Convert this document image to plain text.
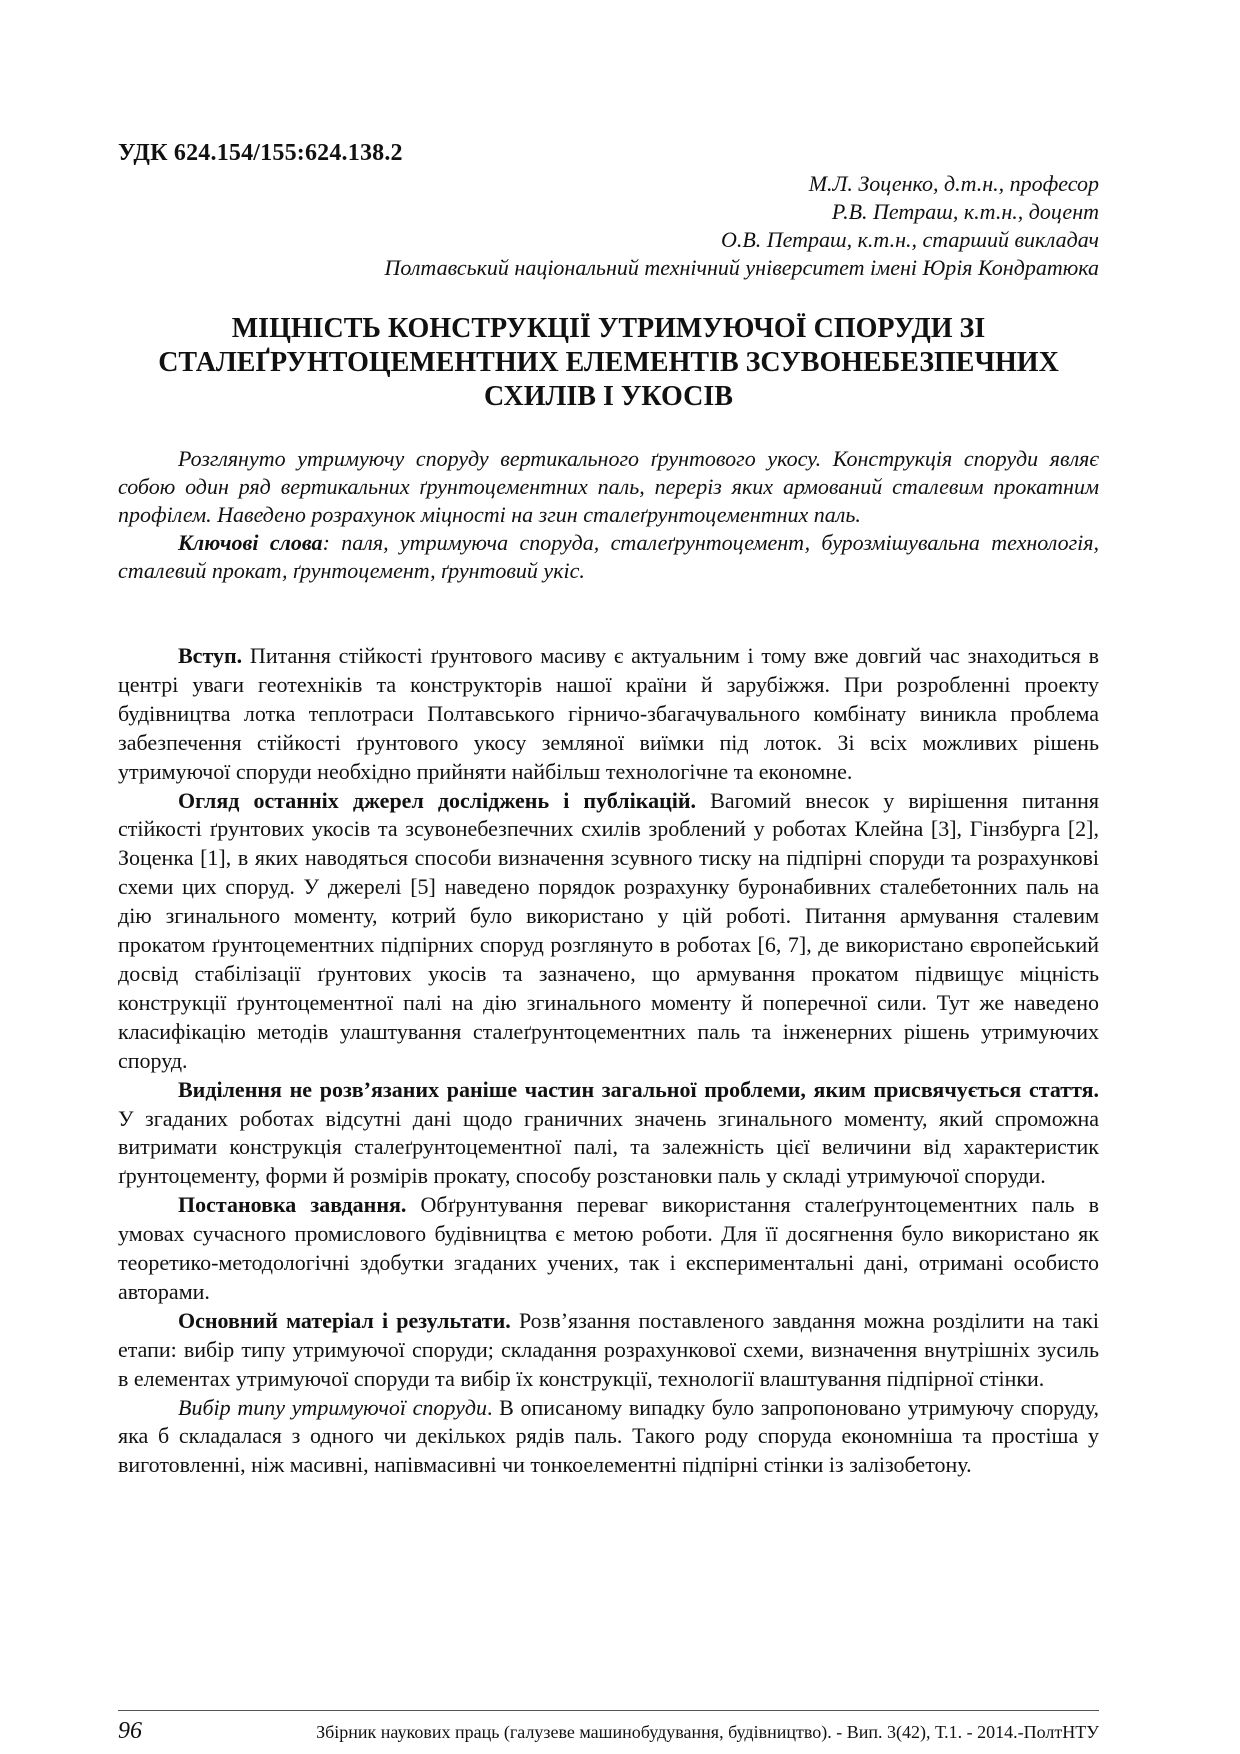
УДК 624.154/155:624.138.2
М.Л. Зоценко, д.т.н., професор
Р.В. Петраш, к.т.н., доцент
О.В. Петраш, к.т.н., старший викладач
Полтавський національний технічний університет імені Юрія Кондратюка
МІЦНІСТЬ КОНСТРУКЦІЇ УТРИМУЮЧОЇ СПОРУДИ ЗІ
СТАЛЕҐРУНТОЦЕМЕНТНИХ ЕЛЕМЕНТІВ ЗСУВОНЕБЕЗПЕЧНИХ
СХИЛІВ І УКОСІВ

Розглянуто утримуючу споруду вертикального ґрунтового укосу. Конструкція споруди являє собою один ряд вертикальних ґрунтоцементних паль, переріз яких армований сталевим прокатним профілем. Наведено розрахунок міцності на згин сталеґрунтоцементних паль.

Ключові слова: паля, утримуюча споруда, сталеґрунтоцемент, бурозмішувальна технологія, сталевий прокат, ґрунтоцемент, ґрунтовий укіс.

Вступ. Питання стійкості ґрунтового масиву є актуальним і тому вже довгий час знаходиться в центрі уваги геотехніків та конструкторів нашої країни й зарубіжжя. При розробленні проекту будівництва лотка теплотраси Полтавського гірничо-збагачувального комбінату виникла проблема забезпечення стійкості ґрунтового укосу земляної виїмки під лоток. Зі всіх можливих рішень утримуючої споруди необхідно прийняти найбільш технологічне та економне.

Огляд останніх джерел досліджень і публікацій. Вагомий внесок у вирішення питання стійкості ґрунтових укосів та зсувонебезпечних схилів зроблений у роботах Клейна [3], Гінзбурга [2], Зоценка [1], в яких наводяться способи визначення зсувного тиску на підпірні споруди та розрахункові схеми цих споруд. У джерелі [5] наведено порядок розрахунку буронабивних сталебетонних паль на дію згинального моменту, котрий було використано у цій роботі. Питання армування сталевим прокатом ґрунтоцементних підпірних споруд розглянуто в роботах [6, 7], де використано європейський досвід стабілізації ґрунтових укосів та зазначено, що армування прокатом підвищує міцність конструкції ґрунтоцементної палі на дію згинального моменту й поперечної сили. Тут же наведено класифікацію методів улаштування сталеґрунтоцементних паль та інженерних рішень утримуючих споруд.

Виділення не розв’язаних раніше частин загальної проблеми, яким присвячується стаття. У згаданих роботах відсутні дані щодо граничних значень згинального моменту, який спроможна витримати конструкція сталеґрунтоцементної палі, та залежність цієї величини від характеристик ґрунтоцементу, форми й розмірів прокату, способу розстановки паль у складі утримуючої споруди.

Постановка завдання. Обґрунтування переваг використання сталеґрунтоцементних паль в умовах сучасного промислового будівництва є метою роботи. Для її досягнення було використано як теоретико-методологічні здобутки згаданих учених, так і експериментальні дані, отримані особисто авторами.

Основний матеріал і результати. Розв’язання поставленого завдання можна розділити на такі етапи: вибір типу утримуючої споруди; складання розрахункової схеми, визначення внутрішніх зусиль в елементах утримуючої споруди та вибір їх конструкції, технології влаштування підпірної стінки.

Вибір типу утримуючої споруди. В описаному випадку було запропоновано утримуючу споруду, яка б складалася з одного чи декількох рядів паль. Такого роду споруда економніша та простіша у виготовленні, ніж масивні, напівмасивні чи тонкоелементні підпірні стінки із залізобетону.

96	Збірник наукових праць (галузеве машинобудування, будівництво). - Вип. 3(42), Т.1. - 2014.-ПолтНТУ
